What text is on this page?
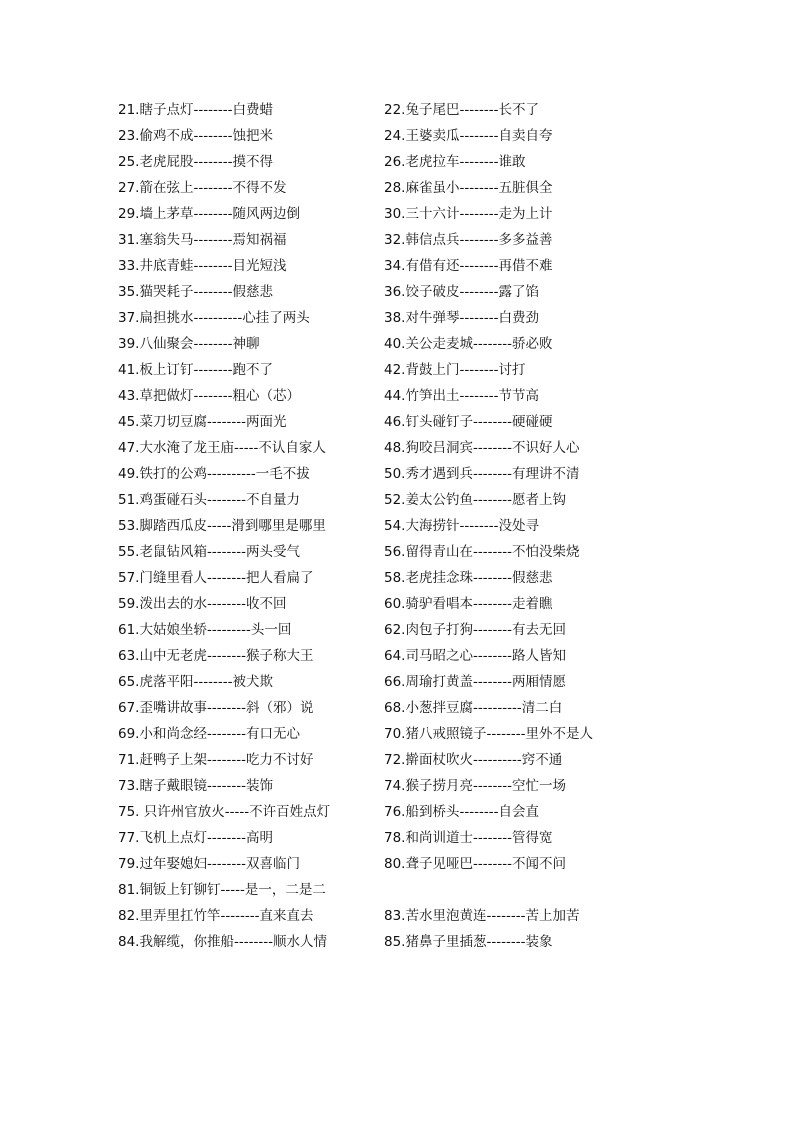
21.瞎子点灯--------白费蜡	22.兔子尾巴--------长不了
23.偷鸡不成--------蚀把米	24.王婆卖瓜--------自卖自夸
25.老虎屁股--------摸不得	26.老虎拉车--------谁敢
27.箭在弦上--------不得不发	28.麻雀虽小--------五脏俱全
29.墙上茅草--------随风两边倒	30.三十六计--------走为上计
31.塞翁失马--------焉知祸福	32.韩信点兵--------多多益善
33.井底青蛙--------目光短浅	34.有借有还--------再借不难
35.猫哭耗子--------假慈悲	36.饺子破皮--------露了馅
37.扁担挑水----------心挂了两头	38.对牛弹琴--------白费劲
39.八仙聚会--------神聊	40.关公走麦城--------骄必败
41.板上订钉--------跑不了	42.背鼓上门--------讨打
43.草把做灯--------粗心（芯）	44.竹笋出土--------节节高
45.菜刀切豆腐--------两面光	46.钉头碰钉子--------硬碰硬
47.大水淹了龙王庙-----不认自家人	48.狗咬吕洞宾--------不识好人心
49.铁打的公鸡----------一毛不拔	50.秀才遇到兵--------有理讲不清
51.鸡蛋碰石头--------不自量力	52.姜太公钓鱼--------愿者上钩
53.脚踏西瓜皮-----滑到哪里是哪里	54.大海捞针--------没处寻
55.老鼠钻风箱--------两头受气	56.留得青山在--------不怕没柴烧
57.门缝里看人--------把人看扁了	58.老虎挂念珠--------假慈悲
59.泼出去的水--------收不回	60.骑驴看唱本--------走着瞧
61.大姑娘坐轿---------头一回	62.肉包子打狗--------有去无回
63.山中无老虎--------猴子称大王	64.司马昭之心--------路人皆知
65.虎落平阳--------被犬欺	66.周瑜打黄盖--------两厢情愿
67.歪嘴讲故事--------斜（邪）说	68.小葱拌豆腐----------清二白
69.小和尚念经--------有口无心	70.猪八戒照镜子--------里外不是人
71.赶鸭子上架--------吃力不讨好	72.擀面杖吹火----------窍不通
73.瞎子戴眼镜--------装饰	74.猴子捞月亮--------空忙一场
75. 只许州官放火-----不许百姓点灯	76.船到桥头--------自会直
77.飞机上点灯--------高明	78.和尚训道士--------管得宽
79.过年娶媳妇--------双喜临门	80.聋子见哑巴--------不闻不问
81.铜钣上钉铆钉-----是一，二是二
82.里弄里扛竹竿--------直来直去	83.苦水里泡黄连--------苦上加苦
84.我解缆，你推船--------顺水人情	85.猪鼻子里插葱--------装象
